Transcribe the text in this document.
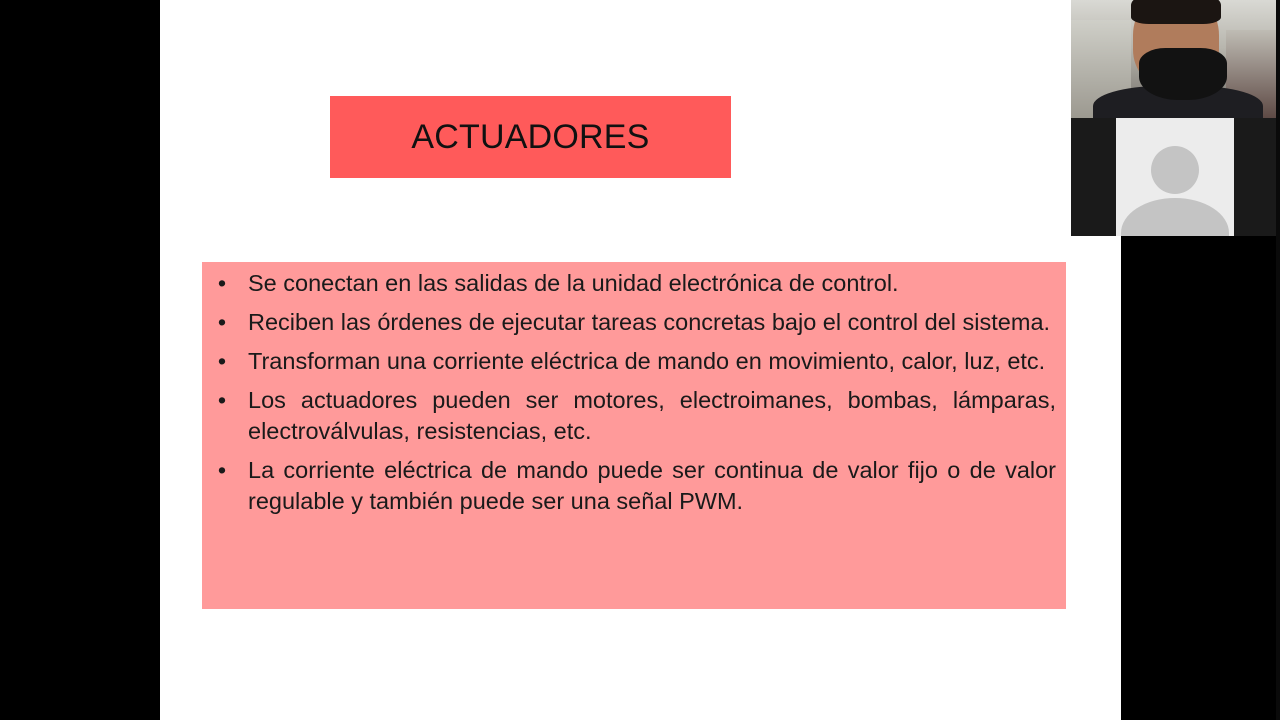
ACTUADORES
• Se conectan en las salidas de la unidad electrónica de control.
• Reciben las órdenes de ejecutar tareas concretas bajo el control del sistema.
• Transforman una corriente eléctrica de mando en movimiento, calor, luz, etc.
• Los actuadores pueden ser motores, electroimanes, bombas, lámparas, electroválvulas, resistencias, etc.
• La corriente eléctrica de mando puede ser continua de valor fijo o de valor regulable y también puede ser una señal PWM.
